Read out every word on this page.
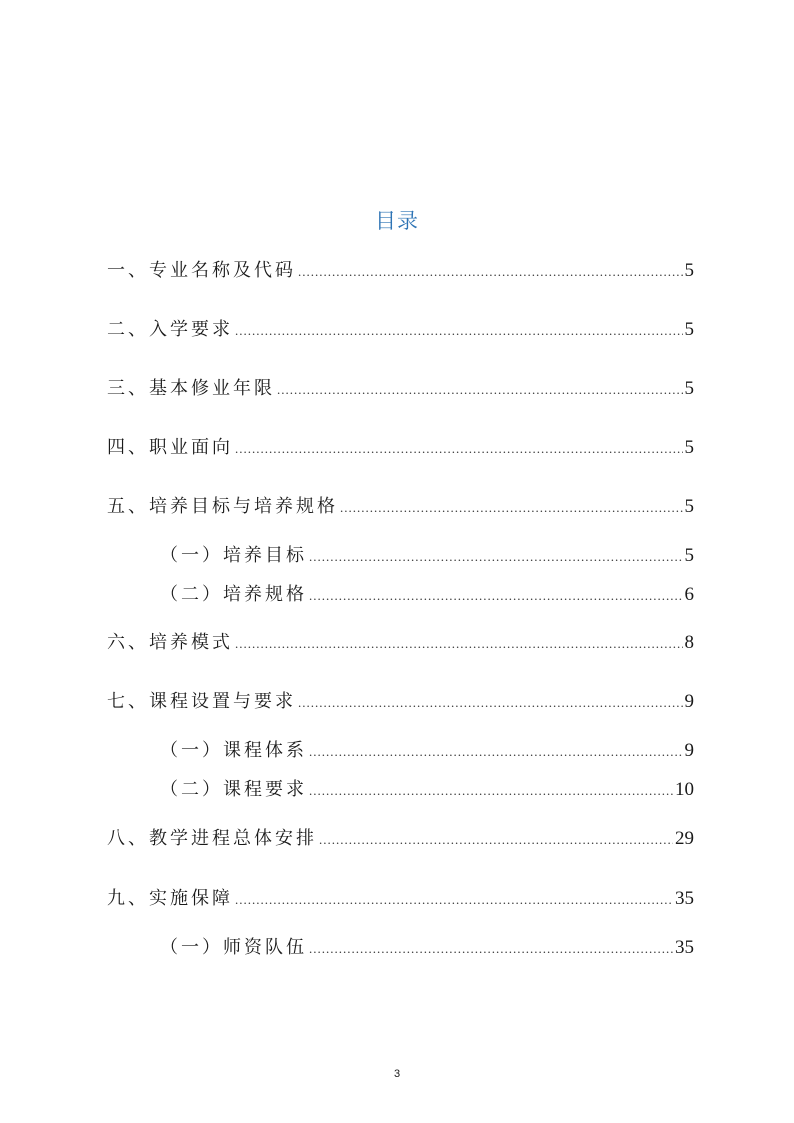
目录
一、专业名称及代码 .....	5
二、入学要求 .....	5
三、基本修业年限 .....	5
四、职业面向 .....	5
五、培养目标与培养规格 .....	5
（一）培养目标 .....	5
（二）培养规格 .....	6
六、培养模式 .....	8
七、课程设置与要求 .....	9
（一）课程体系 .....	9
（二）课程要求 .....	10
八、教学进程总体安排 .....	29
九、实施保障 .....	35
（一）师资队伍 .....	35
3
